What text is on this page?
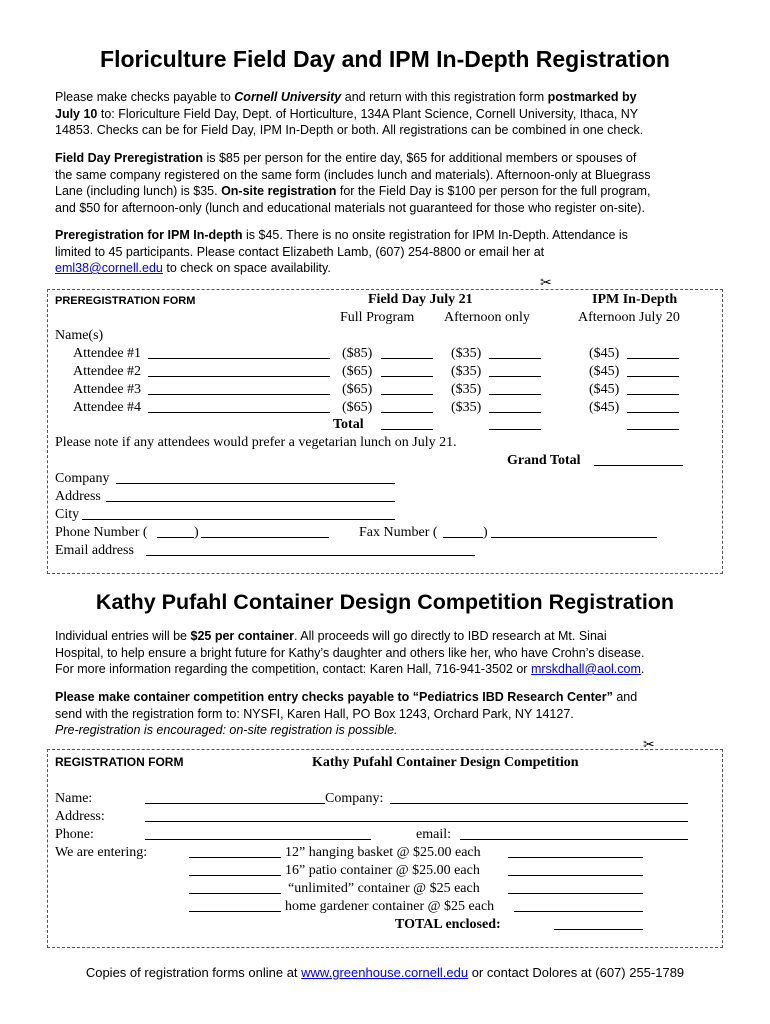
Floriculture Field Day and IPM In-Depth Registration
Please make checks payable to Cornell University and return with this registration form postmarked by
July 10 to: Floriculture Field Day, Dept. of Horticulture, 134A Plant Science, Cornell University, Ithaca, NY
14853. Checks can be for Field Day, IPM In-Depth or both. All registrations can be combined in one check.
Field Day Preregistration is $85 per person for the entire day, $65 for additional members or spouses of
the same company registered on the same form (includes lunch and materials). Afternoon-only at Bluegrass
Lane (including lunch) is $35. On-site registration for the Field Day is $100 per person for the full program,
and $50 for afternoon-only (lunch and educational materials not guaranteed for those who register on-site).
Preregistration for IPM In-depth is $45. There is no onsite registration for IPM In-Depth. Attendance is
limited to 45 participants. Please contact Elizabeth Lamb, (607) 254-8800 or email her at
eml38@cornell.edu to check on space availability.
✂
PREREGISTRATION FORM	Field Day July 21	IPM In-Depth
Full Program Afternoon only	Afternoon July 20
Name(s)
Attendee #1	($85)	($35)	($45)
Attendee #2	($65)	($35)	($45)
Attendee #3	($65)	($35)	($45)
Attendee #4	($65)	($35)	($45)
Total
Please note if any attendees would prefer a vegetarian lunch on July 21.
Grand Total
Company
Address
City
Phone Number (	)	Fax Number (	)
Email address
Kathy Pufahl Container Design Competition Registration
Individual entries will be $25 per container. All proceeds will go directly to IBD research at Mt. Sinai
Hospital, to help ensure a bright future for Kathy’s daughter and others like her, who have Crohn’s disease.
For more information regarding the competition, contact: Karen Hall, 716-941-3502 or mrskdhall@aol.com.
Please make container competition entry checks payable to “Pediatrics IBD Research Center” and
send with the registration form to: NYSFI, Karen Hall, PO Box 1243, Orchard Park, NY 14127.
Pre-registration is encouraged: on-site registration is possible.
✂
REGISTRATION FORM	Kathy Pufahl Container Design Competition
Name:	Company:
Address:
Phone:	email:
We are entering:	12” hanging basket @ $25.00 each
16” patio container @ $25.00 each
“unlimited” container @ $25 each
home gardener container @ $25 each
TOTAL enclosed:
Copies of registration forms online at www.greenhouse.cornell.edu or contact Dolores at (607) 255-1789
